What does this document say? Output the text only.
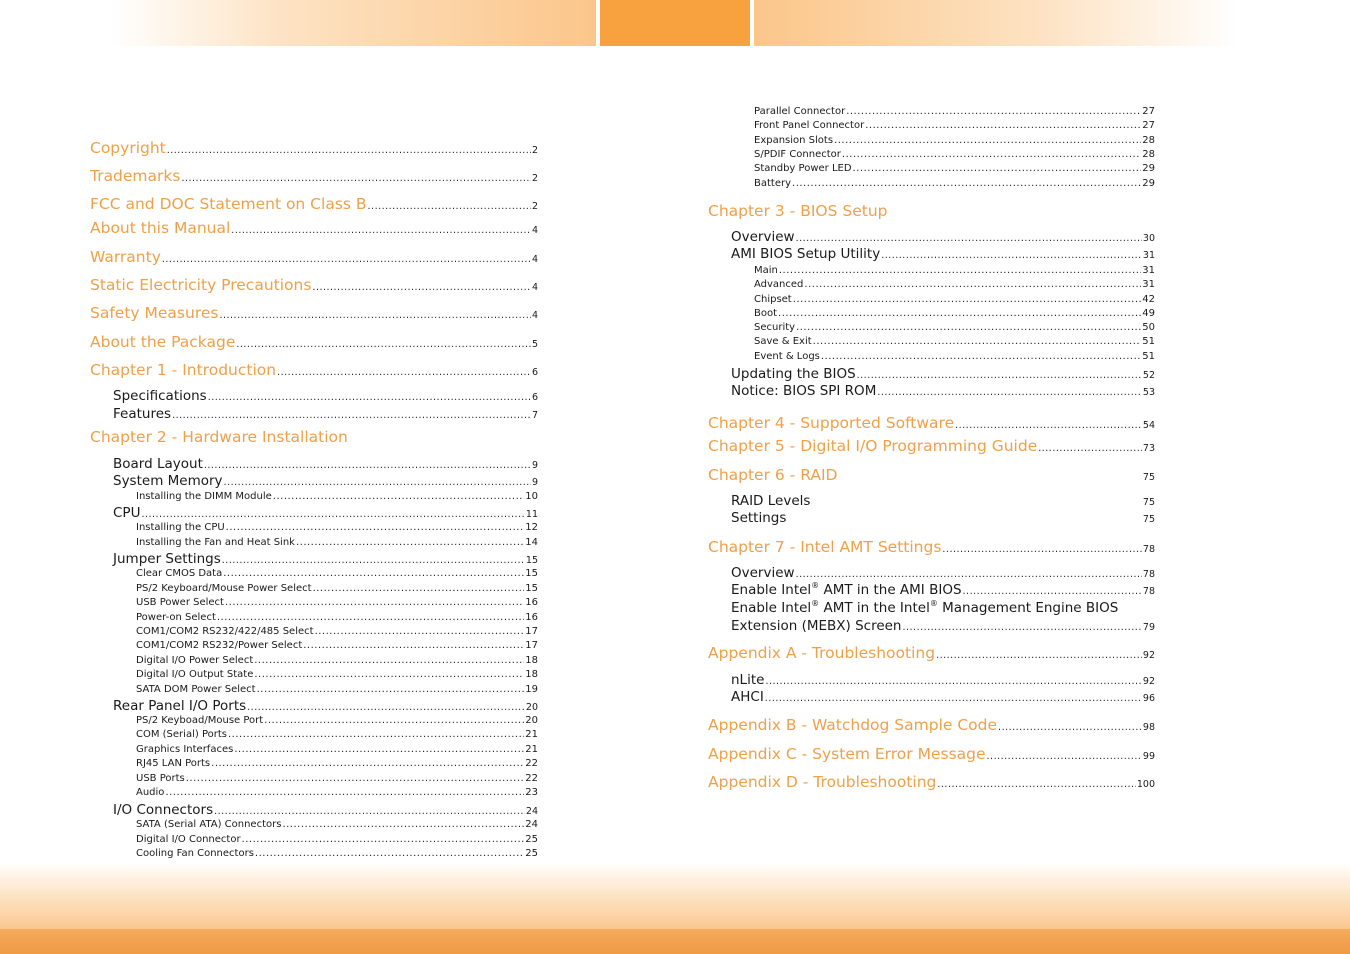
Copyright .....	2
Trademarks .....	2
FCC and DOC Statement on Class B .....	2
About this Manual .....	4
Warranty .....	4
Static Electricity Precautions .....	4
Safety Measures .....	4
About the Package .....	5
Chapter 1 - Introduction .....	6
Specifications .....	6
Features .....	7
Chapter 2 - Hardware Installation
Board Layout .....	9
System Memory .....	9
Installing the DIMM Module .....	10
CPU .....	11
Installing the CPU .....	12
Installing the Fan and Heat Sink .....	14
Jumper Settings .....	15
Clear CMOS Data .....	15
PS/2 Keyboard/Mouse Power Select .....	15
USB Power Select .....	16
Power-on Select .....	16
COM1/COM2 RS232/422/485 Select .....	17
COM1/COM2 RS232/Power Select .....	17
Digital I/O Power Select .....	18
Digital I/O Output State .....	18
SATA DOM Power Select .....	19
Rear Panel I/O Ports .....	20
PS/2 Keyboad/Mouse Port .....	20
COM (Serial) Ports .....	21
Graphics Interfaces .....	21
RJ45 LAN Ports .....	22
USB Ports .....	22
Audio .....	23
I/O Connectors .....	24
SATA (Serial ATA) Connectors .....	24
Digital I/O Connector .....	25
Cooling Fan Connectors .....	25
.....
.....
Parallel Connector .....	27
Front Panel Connector .....	27
Expansion Slots .....	28
S/PDIF Connector .....	28
Standby Power LED .....	29
Battery .....	29
Chapter 3 - BIOS Setup
Overview .....	30
AMI BIOS Setup Utility .....	31
Main .....	31
Advanced .....	31
Chipset .....	42
Boot .....	49
Security .....	50
Save & Exit .....	51
Event & Logs .....	51
Updating the BIOS .....	52
Notice: BIOS SPI ROM .....	53
Chapter 4 - Supported Software .....	54
Chapter 5 - Digital I/O Programming Guide .....	73
Chapter 6 - RAID	75
RAID Levels	75
Settings	75
Chapter 7 - Intel AMT Settings .....	78
Overview .....	78
Enable Intel® AMT in the AMI BIOS .....	78
Enable Intel® AMT in the Intel® Management Engine BIOS
Extension (MEBX) Screen .....	79
Appendix A - Troubleshooting .....	92
nLite .....	92
AHCI .....	96
Appendix B - Watchdog Sample Code .....	98
Appendix C - System Error Message .....	99
Appendix D - Troubleshooting .....	100
